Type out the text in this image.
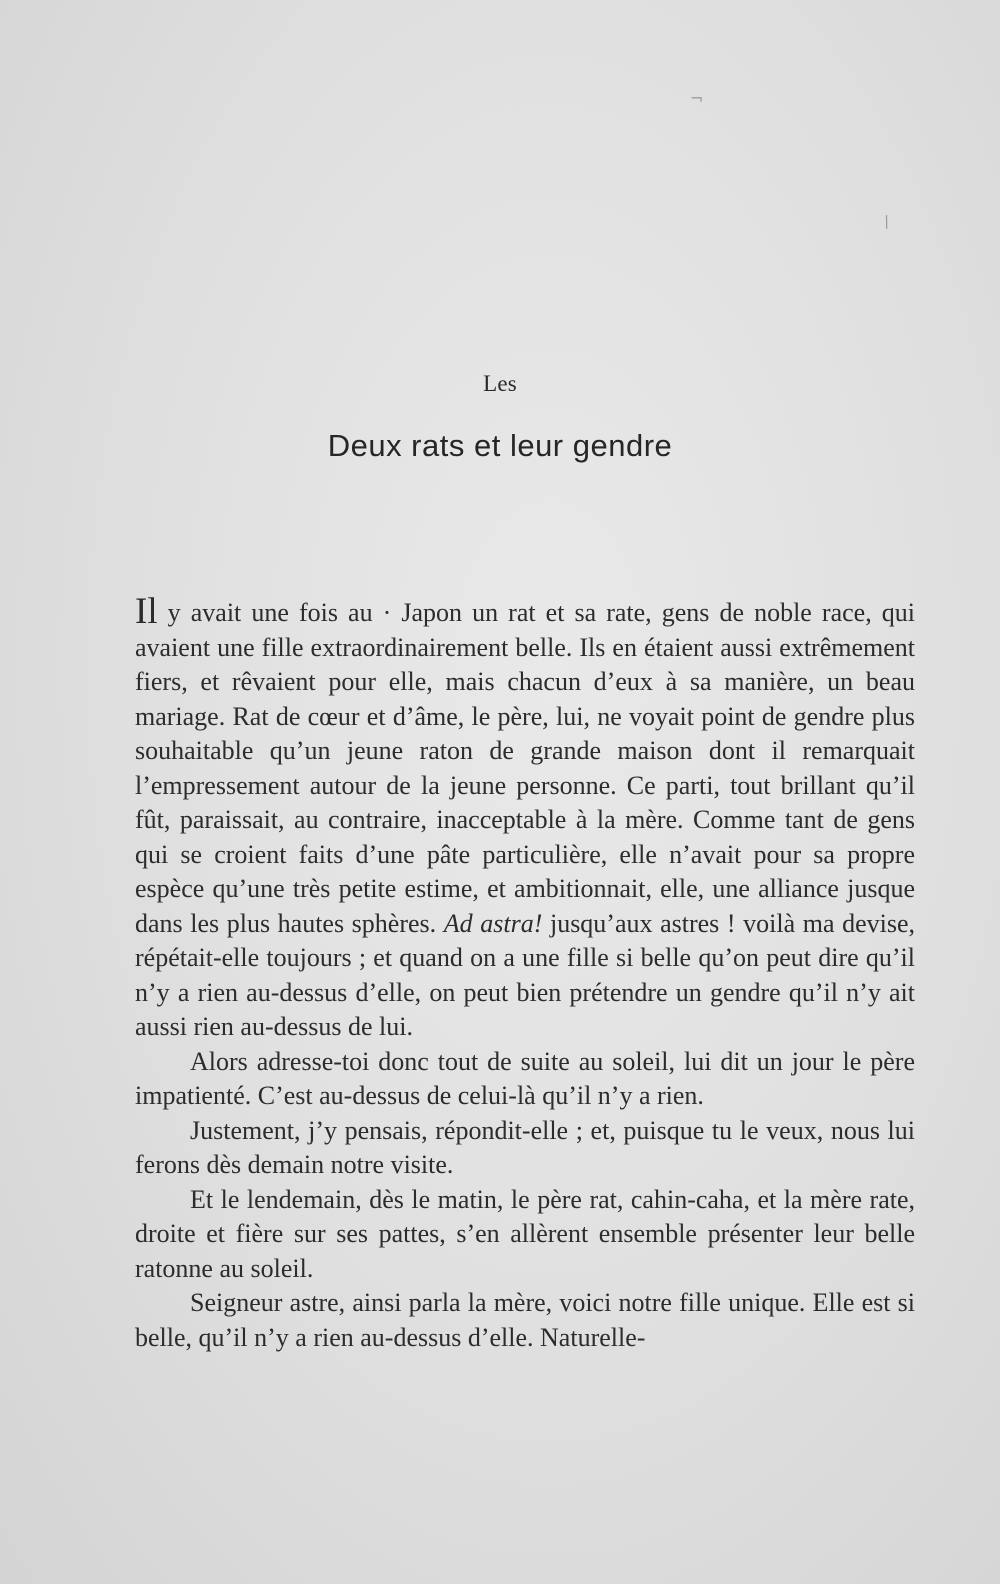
¬
/
Les
Deux rats et leur gendre

Il y avait une fois au · Japon un rat et sa rate, gens de noble race, qui avaient une fille extraordinairement belle. Ils en étaient aussi extrêmement fiers, et rêvaient pour elle, mais chacun d’eux à sa manière, un beau mariage. Rat de cœur et d’âme, le père, lui, ne voyait point de gendre plus souhaitable qu’un jeune raton de grande maison dont il remarquait l’empressement autour de la jeune personne. Ce parti, tout brillant qu’il fût, paraissait, au contraire, inacceptable à la mère. Comme tant de gens qui se croient faits d’une pâte particulière, elle n’avait pour sa propre espèce qu’une très petite estime, et ambitionnait, elle, une alliance jusque dans les plus hautes sphères. Ad astra! jusqu’aux astres ! voilà ma devise, répétait-elle toujours ; et quand on a une fille si belle qu’on peut dire qu’il n’y a rien au-dessus d’elle, on peut bien prétendre un gendre qu’il n’y ait aussi rien au-dessus de lui.

Alors adresse-toi donc tout de suite au soleil, lui dit un jour le père impatienté. C’est au-dessus de celui-là qu’il n’y a rien.

Justement, j’y pensais, répondit-elle ; et, puisque tu le veux, nous lui ferons dès demain notre visite.

Et le lendemain, dès le matin, le père rat, cahin-caha, et la mère rate, droite et fière sur ses pattes, s’en allèrent ensemble présenter leur belle ratonne au soleil.

Seigneur astre, ainsi parla la mère, voici notre fille unique. Elle est si belle, qu’il n’y a rien au-dessus d’elle. Naturelle-
